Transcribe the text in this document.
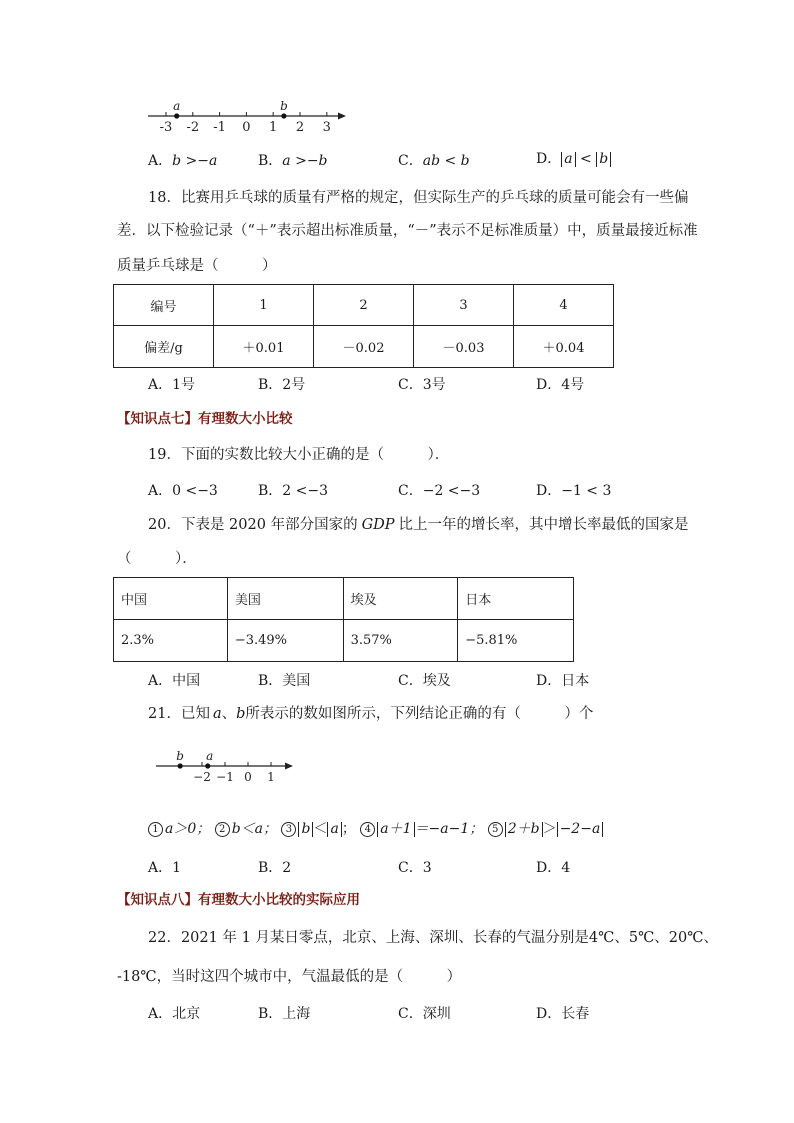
-3 -2 -1 0 1 2 3
a	b
A．b >−a	B．a >−b	C．ab < b	D． a < b
18．比赛用乒乓球的质量有严格的规定，但实际生产的乒乓球的质量可能会有一些偏
差．以下检验记录（“＋”表示超出标准质量，“－”表示不足标准质量）中，质量最接近标准
质量乒乓球是（　　　）
编号	1	2	3	4
偏差/g	＋0.01	－0.02	－0.03	＋0.04
A．1号	B．2号	C．3号	D．4号
【知识点七】有理数大小比较
19．下面的实数比较大小正确的是（　　　）．
A．0 <−3	B．2 <−3	C．−2 <−3	D．−1 < 3
20．下表是 2020 年部分国家的 GDP 比上一年的增长率，其中增长率最低的国家是
（　　　）．
中国	美国	埃及	日本
2.3%	−3.49%	3.57%	−5.81%
A．中国	B．美国	C．埃及	D．日本
21．已知 a、b所表示的数如图所示，下列结论正确的有（　　　）个
−2 −1 0 1
b a
1 a＞0； 2 b＜a； 3 b ＜ a ； 4 a＋1 ＝−a−1； 5 2＋b ＞ −2−a
A．1	B．2	C．3	D．4
【知识点八】有理数大小比较的实际应用
22．2021 年 1 月某日零点，北京、上海、深圳、长春的气温分别是4℃、5℃、20℃、
-18℃，当时这四个城市中，气温最低的是（　　　）
A．北京	B．上海	C．深圳	D．长春
